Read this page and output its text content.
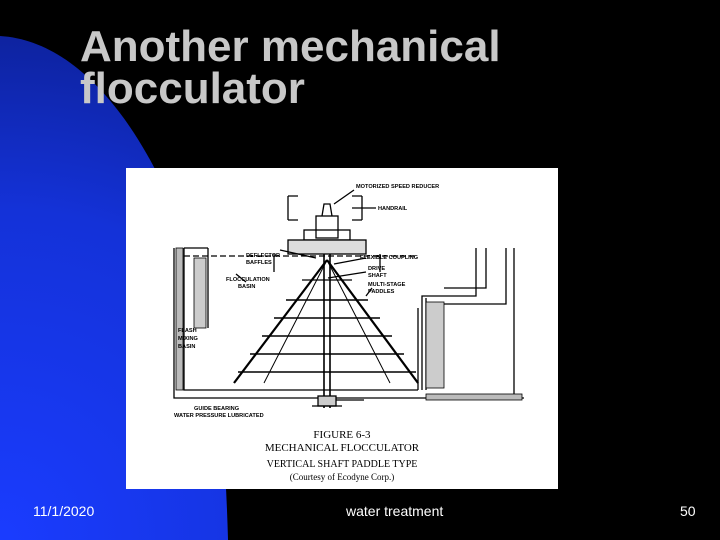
Another mechanical
flocculator
MOTORIZED SPEED REDUCER
HANDRAIL
DEFLECTOR
BAFFLES
FLEXIBLE COUPLING
DRIVE
SHAFT
MULTI-STAGE
PADDLES
FLOCCULATION
BASIN
FLASH
MIXING
BASIN
GUIDE BEARING
WATER PRESSURE LUBRICATED
FIGURE 6-3
MECHANICAL FLOCCULATOR
VERTICAL SHAFT PADDLE TYPE
(Courtesy of Ecodyne Corp.)
11/1/2020	water treatment	50
